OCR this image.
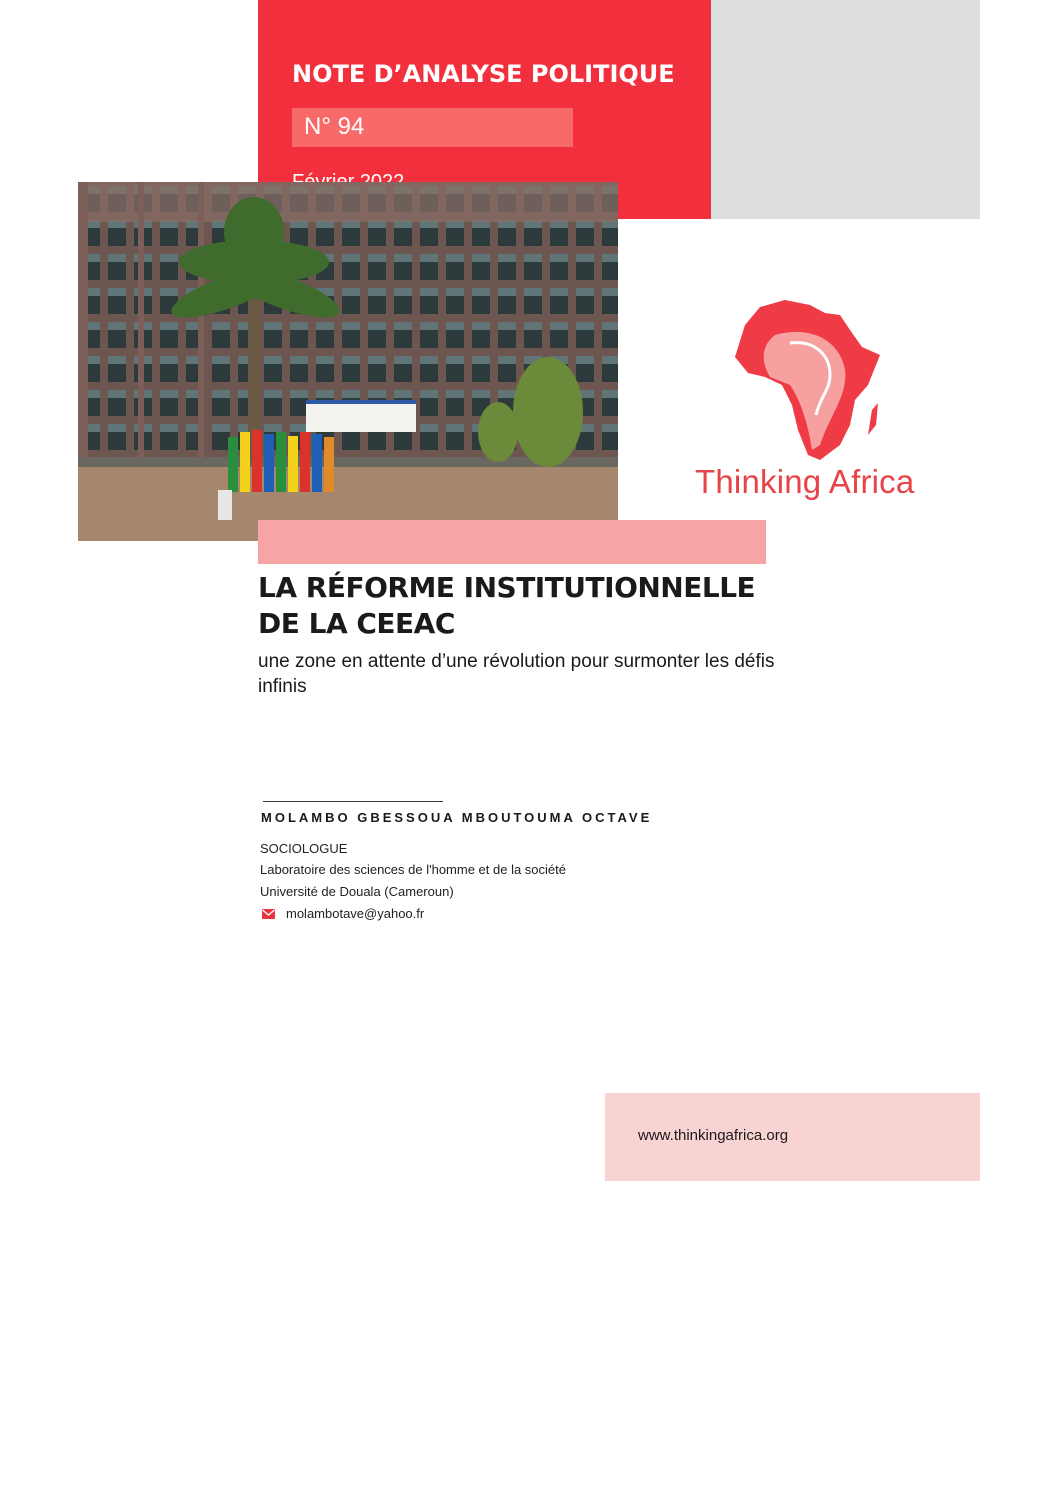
NOTE D’ANALYSE POLITIQUE
N° 94
Thinking Africa
LA RÉFORME INSTITUTIONNELLE
DE LA CEEAC
une zone en attente d’une révolution pour surmonter les défis infinis
MOLAMBO GBESSOUA MBOUTOUMA OCTAVE
SOCIOLOGUE
Laboratoire des sciences de l'homme et de la société
Université de Douala (Cameroun)
molambotave@yahoo.fr
www.thinkingafrica.org
